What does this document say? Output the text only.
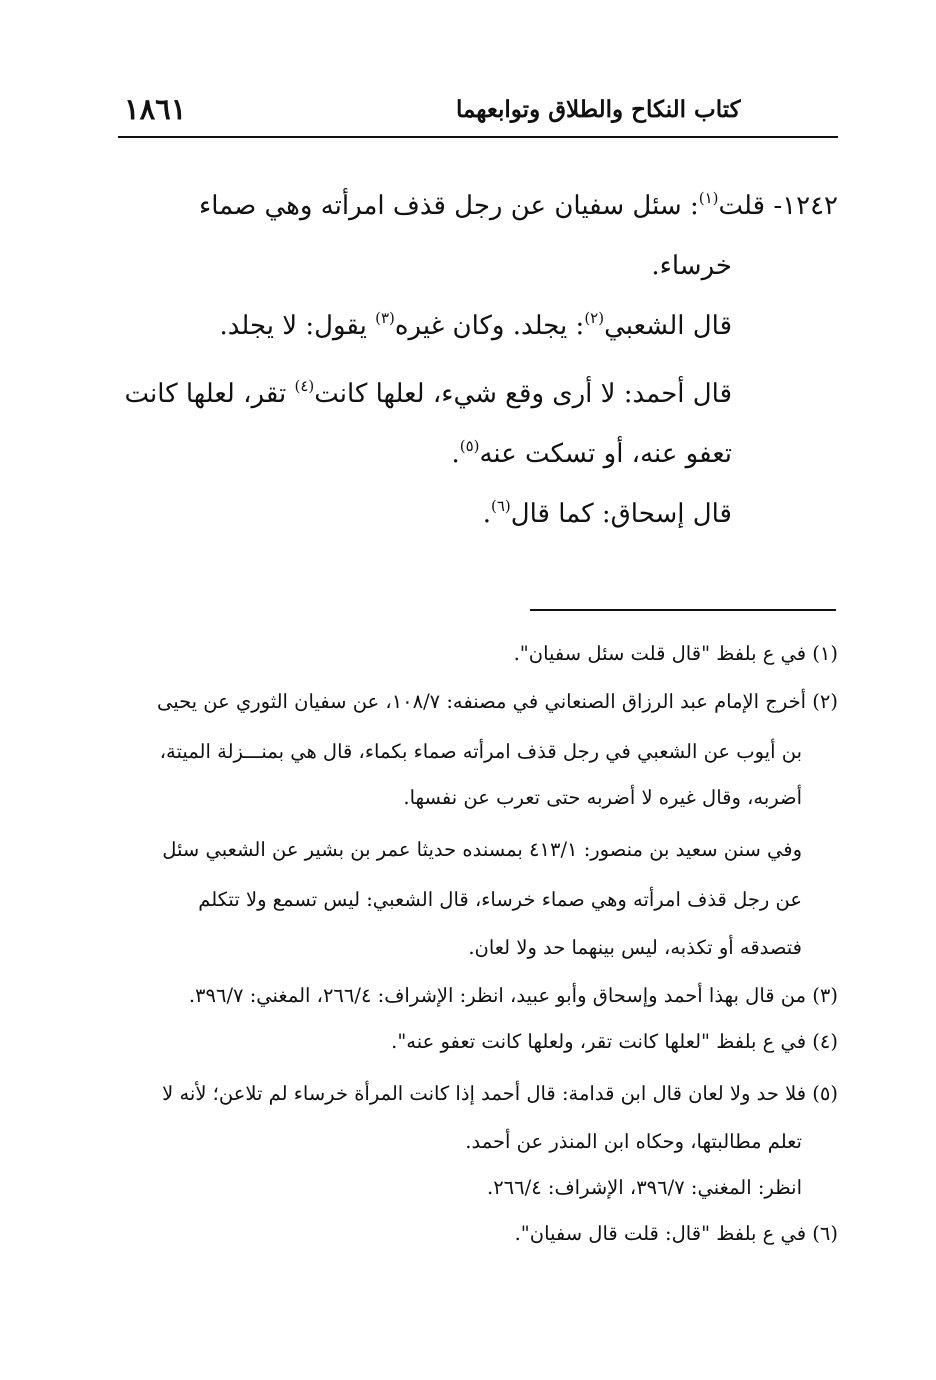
١٨٦١	كتاب النكاح والطلاق وتوابعهما
١٢٤٢- قلت$^{(١)}$: سئل سفيان عن رجل قذف امرأته وهي صماء
خرساء.
قال الشعبي$^{(٢)}$: يجلد. وكان غيره$^{(٣)}$ يقول: لا يجلد.
قال أحمد: لا أرى وقع شيء، لعلها كانت$^{(٤)}$ تقر، لعلها كانت
تعفو عنه، أو تسكت عنه$^{(٥)}$.
قال إسحاق: كما قال$^{(٦)}$.
(١) في ع بلفظ "قال قلت سئل سفيان".
(٢) أخرج الإمام عبد الرزاق الصنعاني في مصنفه: ١٠٨/٧، عن سفيان الثوري عن يحيى
بن أيوب عن الشعبي في رجل قذف امرأته صماء بكماء، قال هي بمنـــزلة الميتة،
أضربه، وقال غيره لا أضربه حتى تعرب عن نفسها.
وفي سنن سعيد بن منصور: ٤١٣/١ بمسنده حديثا عمر بن بشير عن الشعبي سئل
عن رجل قذف امرأته وهي صماء خرساء، قال الشعبي: ليس تسمع ولا تتكلم
فتصدقه أو تكذبه، ليس بينهما حد ولا لعان.
(٣) من قال بهذا أحمد وإسحاق وأبو عبيد، انظر: الإشراف: ٢٦٦/٤، المغني: ٣٩٦/٧.
(٤) في ع بلفظ "لعلها كانت تقر، ولعلها كانت تعفو عنه".
(٥) فلا حد ولا لعان قال ابن قدامة: قال أحمد إذا كانت المرأة خرساء لم تلاعن؛ لأنه لا
تعلم مطالبتها، وحكاه ابن المنذر عن أحمد.
انظر: المغني: ٣٩٦/٧، الإشراف: ٢٦٦/٤.
(٦) في ع بلفظ "قال: قلت قال سفيان".
